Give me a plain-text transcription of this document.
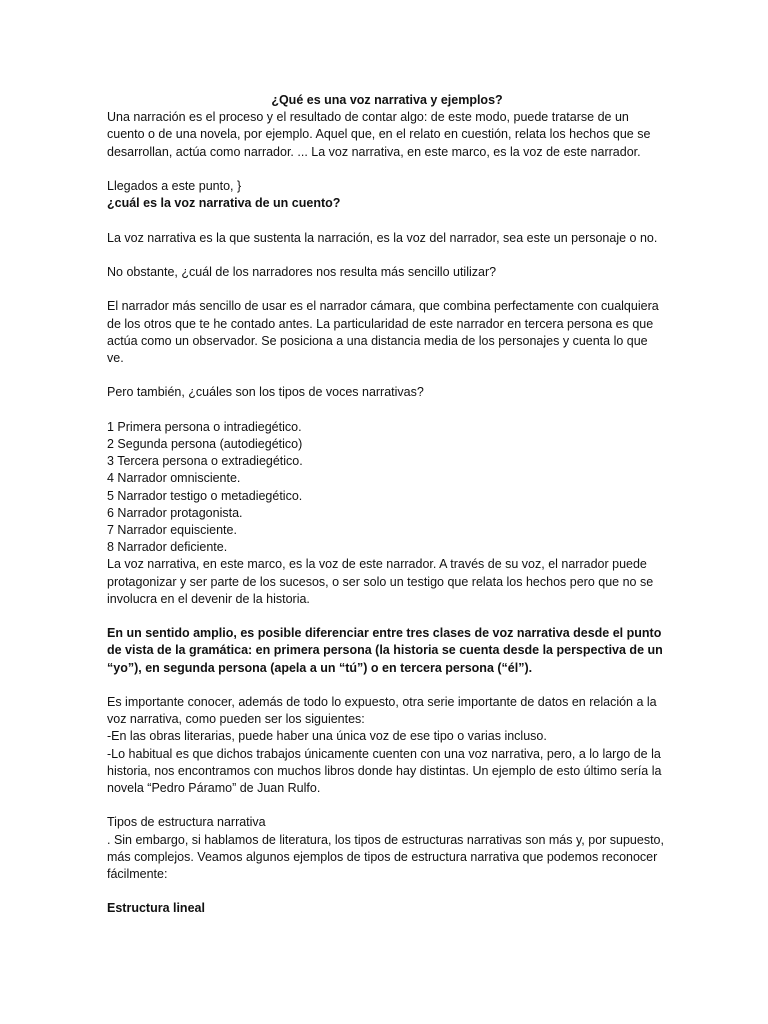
¿Qué es una voz narrativa y ejemplos?

Una narración es el proceso y el resultado de contar algo: de este modo, puede tratarse de un cuento o de una novela, por ejemplo. Aquel que, en el relato en cuestión, relata los hechos que se desarrollan, actúa como narrador. ... La voz narrativa, en este marco, es la voz de este narrador.

Llegados a este punto, }

¿cuál es la voz narrativa de un cuento?

La voz narrativa es la que sustenta la narración, es la voz del narrador, sea este un personaje o no.

No obstante, ¿cuál de los narradores nos resulta más sencillo utilizar?

El narrador más sencillo de usar es el narrador cámara, que combina perfectamente con cualquiera de los otros que te he contado antes. La particularidad de este narrador en tercera persona es que actúa como un observador. Se posiciona a una distancia media de los personajes y cuenta lo que ve.

Pero también, ¿cuáles son los tipos de voces narrativas?

1 Primera persona o intradiegético.
2 Segunda persona (autodiegético)
3 Tercera persona o extradiegético.
4 Narrador omnisciente.
5 Narrador testigo o metadiegético.
6 Narrador protagonista.
7 Narrador equisciente.
8 Narrador deficiente.

La voz narrativa, en este marco, es la voz de este narrador. A través de su voz, el narrador puede protagonizar y ser parte de los sucesos, o ser solo un testigo que relata los hechos pero que no se involucra en el devenir de la historia.

En un sentido amplio, es posible diferenciar entre tres clases de voz narrativa desde el punto de vista de la gramática: en primera persona (la historia se cuenta desde la perspectiva de un “yo”), en segunda persona (apela a un “tú”) o en tercera persona (“él”).

Es importante conocer, además de todo lo expuesto, otra serie importante de datos en relación a la voz narrativa, como pueden ser los siguientes:

-En las obras literarias, puede haber una única voz de ese tipo o varias incluso.

-Lo habitual es que dichos trabajos únicamente cuenten con una voz narrativa, pero, a lo largo de la historia, nos encontramos con muchos libros donde hay distintas. Un ejemplo de esto último sería la novela “Pedro Páramo” de Juan Rulfo.

Tipos de estructura narrativa

. Sin embargo, si hablamos de literatura, los tipos de estructuras narrativas son más y, por supuesto, más complejos. Veamos algunos ejemplos de tipos de estructura narrativa que podemos reconocer fácilmente:

Estructura lineal
